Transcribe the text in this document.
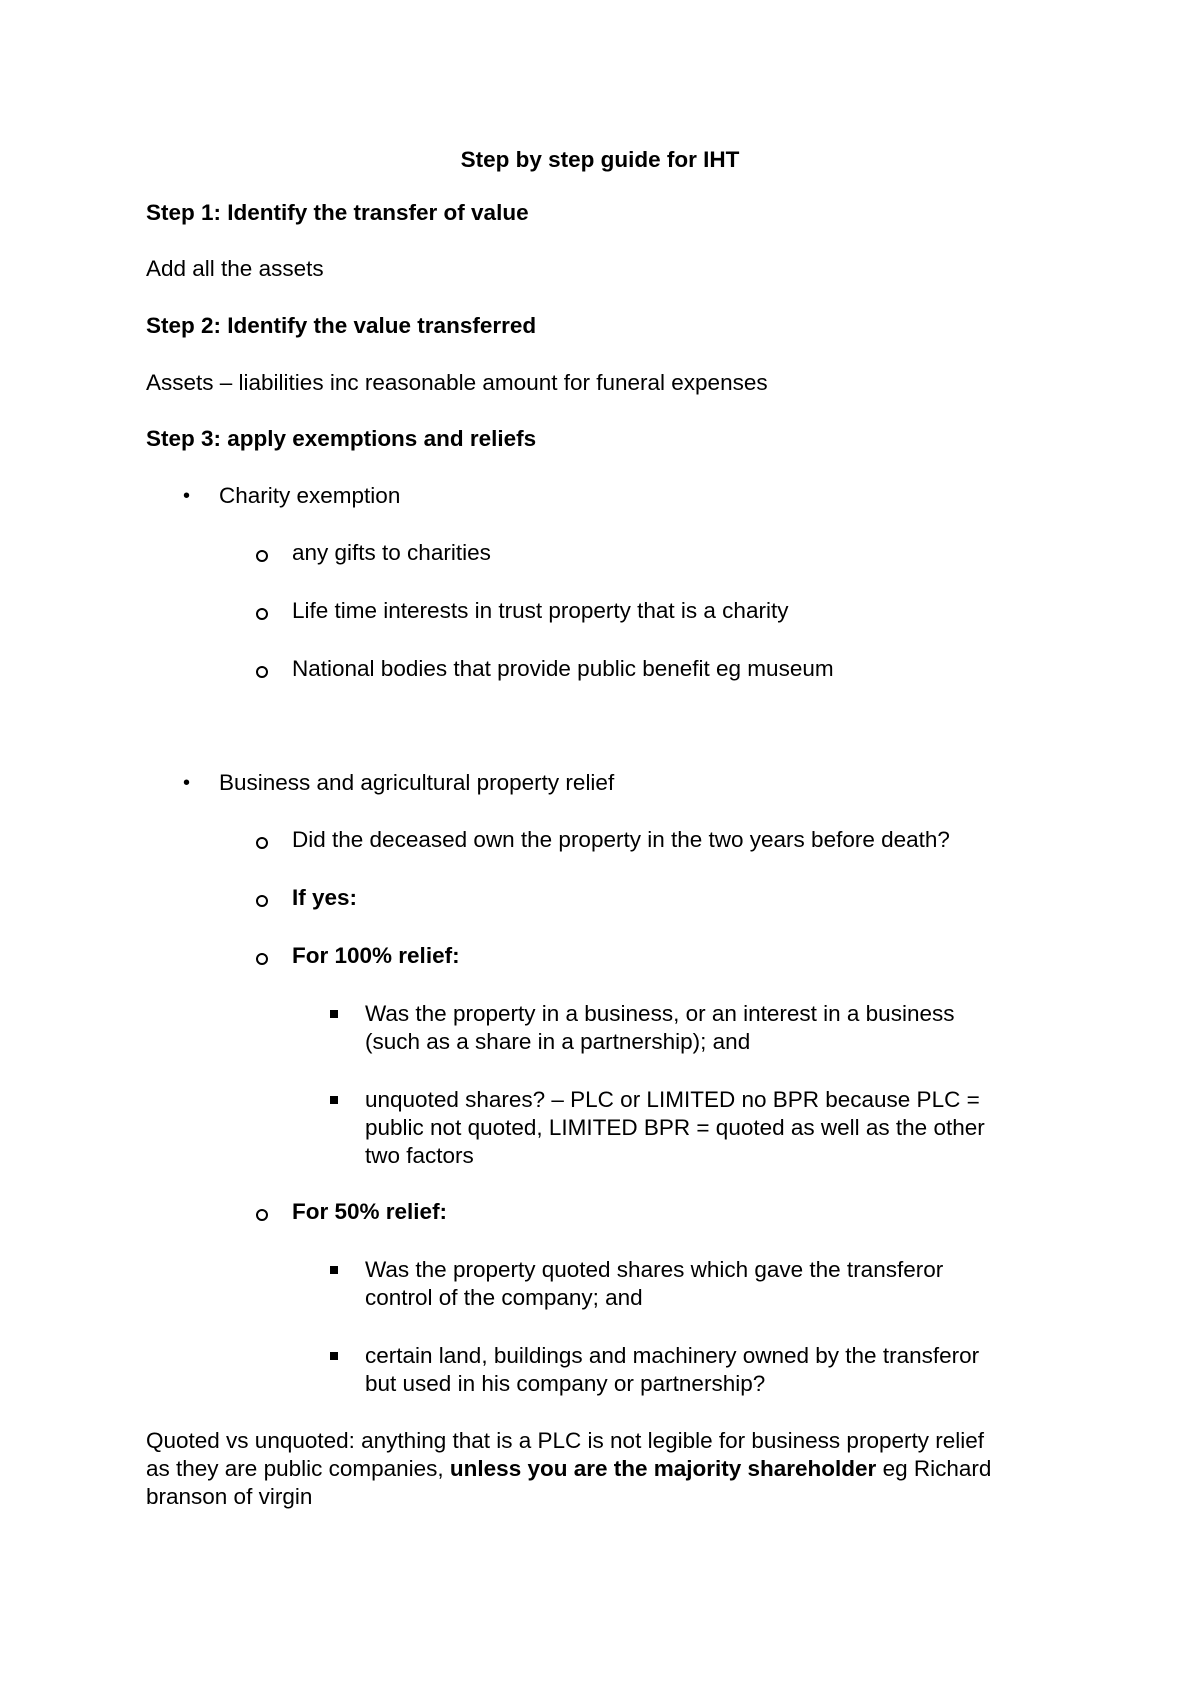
Step by step guide for IHT
Step 1: Identify the transfer of value
Add all the assets
Step 2: Identify the value transferred
Assets – liabilities inc reasonable amount for funeral expenses
Step 3: apply exemptions and reliefs
• Charity exemption
any gifts to charities
Life time interests in trust property that is a charity
National bodies that provide public benefit eg museum
• Business and agricultural property relief
Did the deceased own the property in the two years before death?
If yes:
For 100% relief:
Was the property in a business, or an interest in a business
(such as a share in a partnership); and
unquoted shares? – PLC or LIMITED no BPR because PLC =
public not quoted, LIMITED BPR = quoted as well as the other
two factors
For 50% relief:
Was the property quoted shares which gave the transferor
control of the company; and
certain land, buildings and machinery owned by the transferor
but used in his company or partnership?
Quoted vs unquoted: anything that is a PLC is not legible for business property relief
as they are public companies, unless you are the majority shareholder eg Richard
branson of virgin
